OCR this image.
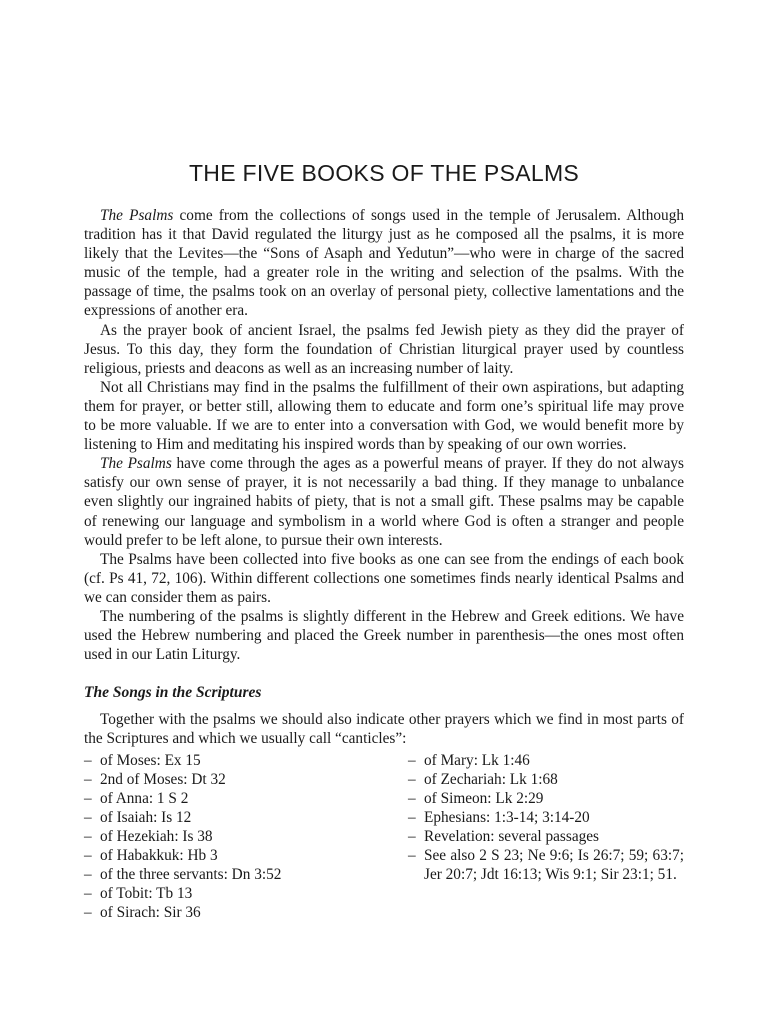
THE FIVE BOOKS OF THE PSALMS

The Psalms come from the collections of songs used in the temple of Jerusalem. Although tradition has it that David regulated the liturgy just as he composed all the psalms, it is more likely that the Levites—the “Sons of Asaph and Yedutun”—who were in charge of the sacred music of the temple, had a greater role in the writing and selection of the psalms. With the passage of time, the psalms took on an overlay of personal piety, collective lamentations and the expressions of another era.

As the prayer book of ancient Israel, the psalms fed Jewish piety as they did the prayer of Jesus. To this day, they form the foundation of Christian liturgical prayer used by countless religious, priests and deacons as well as an increasing number of laity.

Not all Christians may find in the psalms the fulfillment of their own aspirations, but adapting them for prayer, or better still, allowing them to educate and form one’s spiritual life may prove to be more valuable. If we are to enter into a conversation with God, we would benefit more by listening to Him and meditating his inspired words than by speaking of our own worries.

The Psalms have come through the ages as a powerful means of prayer. If they do not always satisfy our own sense of prayer, it is not necessarily a bad thing. If they manage to unbalance even slightly our ingrained habits of piety, that is not a small gift. These psalms may be capable of renewing our language and symbolism in a world where God is often a stranger and people would prefer to be left alone, to pursue their own interests.

The Psalms have been collected into five books as one can see from the endings of each book (cf. Ps 41, 72, 106). Within different collections one sometimes finds nearly identical Psalms and we can consider them as pairs.

The numbering of the psalms is slightly different in the Hebrew and Greek editions. We have used the Hebrew numbering and placed the Greek number in parenthesis—the ones most often used in our Latin Liturgy.

The Songs in the Scriptures

Together with the psalms we should also indicate other prayers which we find in most parts of the Scriptures and which we usually call “canticles”:

– of Moses: Ex 15
– 2nd of Moses: Dt 32
– of Anna: 1 S 2
– of Isaiah: Is 12
– of Hezekiah: Is 38
– of Habakkuk: Hb 3
– of the three servants: Dn 3:52
– of Tobit: Tb 13
– of Sirach: Sir 36
– of Mary: Lk 1:46
– of Zechariah: Lk 1:68
– of Simeon: Lk 2:29
– Ephesians: 1:3-14; 3:14-20
– Revelation: several passages
– See also 2 S 23; Ne 9:6; Is 26:7; 59; 63:7; Jer 20:7; Jdt 16:13; Wis 9:1; Sir 23:1; 51.
